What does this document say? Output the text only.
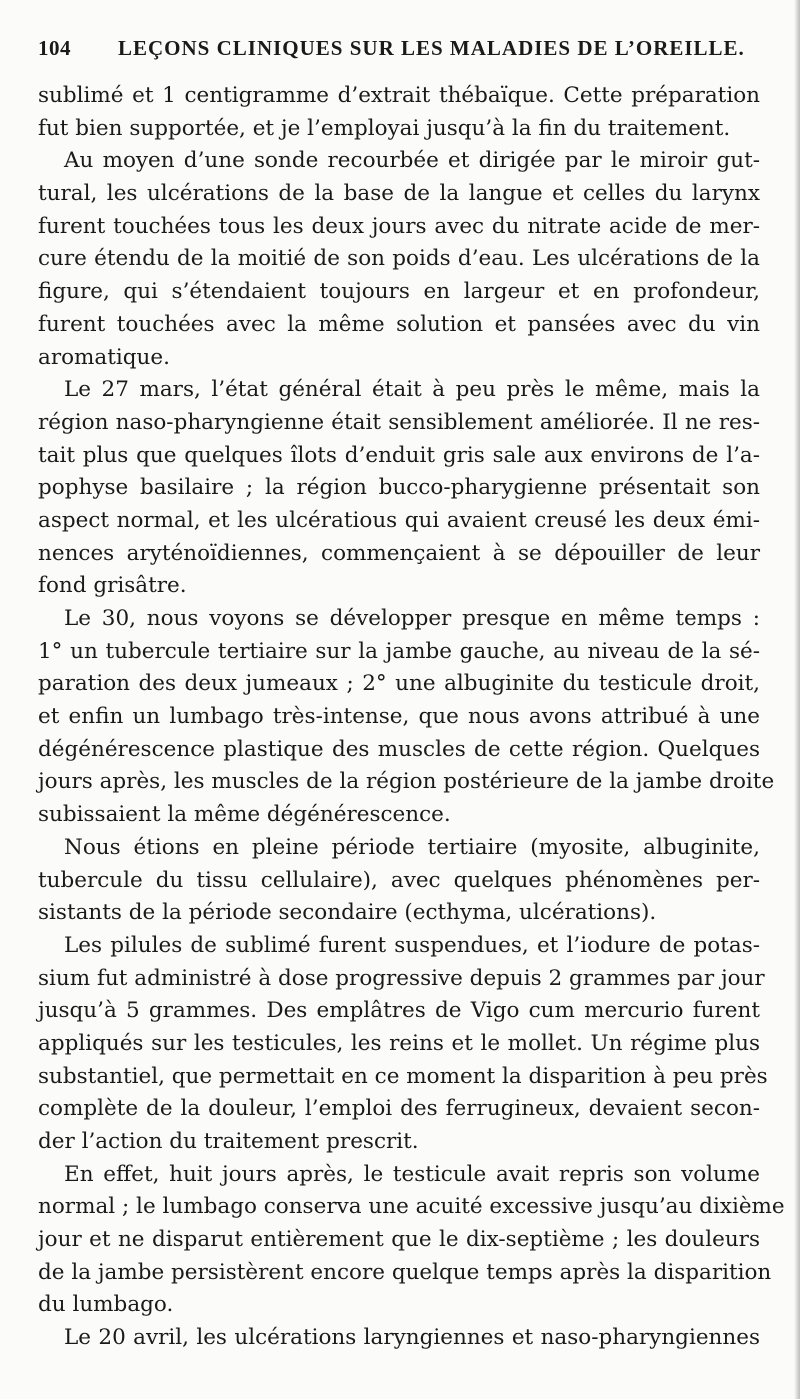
104 LEÇONS CLINIQUES SUR LES MALADIES DE L’OREILLE.
sublimé et 1 centigramme d’extrait thébaïque. Cette préparation
fut bien supportée, et je l’employai jusqu’à la fin du traitement.
Au moyen d’une sonde recourbée et dirigée par le miroir gut-
tural, les ulcérations de la base de la langue et celles du larynx
furent touchées tous les deux jours avec du nitrate acide de mer-
cure étendu de la moitié de son poids d’eau. Les ulcérations de la
figure, qui s’étendaient toujours en largeur et en profondeur,
furent touchées avec la même solution et pansées avec du vin
aromatique.
Le 27 mars, l’état général était à peu près le même, mais la
région naso-pharyngienne était sensiblement améliorée. Il ne res-
tait plus que quelques îlots d’enduit gris sale aux environs de l’a-
pophyse basilaire ; la région bucco-pharygienne présentait son
aspect normal, et les ulcératious qui avaient creusé les deux émi-
nences aryténoïdiennes, commençaient à se dépouiller de leur
fond grisâtre.
Le 30, nous voyons se développer presque en même temps :
1° un tubercule tertiaire sur la jambe gauche, au niveau de la sé-
paration des deux jumeaux ; 2° une albuginite du testicule droit,
et enfin un lumbago très-intense, que nous avons attribué à une
dégénérescence plastique des muscles de cette région. Quelques
jours après, les muscles de la région postérieure de la jambe droite
subissaient la même dégénérescence.
Nous étions en pleine période tertiaire (myosite, albuginite,
tubercule du tissu cellulaire), avec quelques phénomènes per-
sistants de la période secondaire (ecthyma, ulcérations).
Les pilules de sublimé furent suspendues, et l’iodure de potas-
sium fut administré à dose progressive depuis 2 grammes par jour
jusqu’à 5 grammes. Des emplâtres de Vigo cum mercurio furent
appliqués sur les testicules, les reins et le mollet. Un régime plus
substantiel, que permettait en ce moment la disparition à peu près
complète de la douleur, l’emploi des ferrugineux, devaient secon-
der l’action du traitement prescrit.
En effet, huit jours après, le testicule avait repris son volume
normal ; le lumbago conserva une acuité excessive jusqu’au dixième
jour et ne disparut entièrement que le dix-septième ; les douleurs
de la jambe persistèrent encore quelque temps après la disparition
du lumbago.
Le 20 avril, les ulcérations laryngiennes et naso-pharyngiennes
